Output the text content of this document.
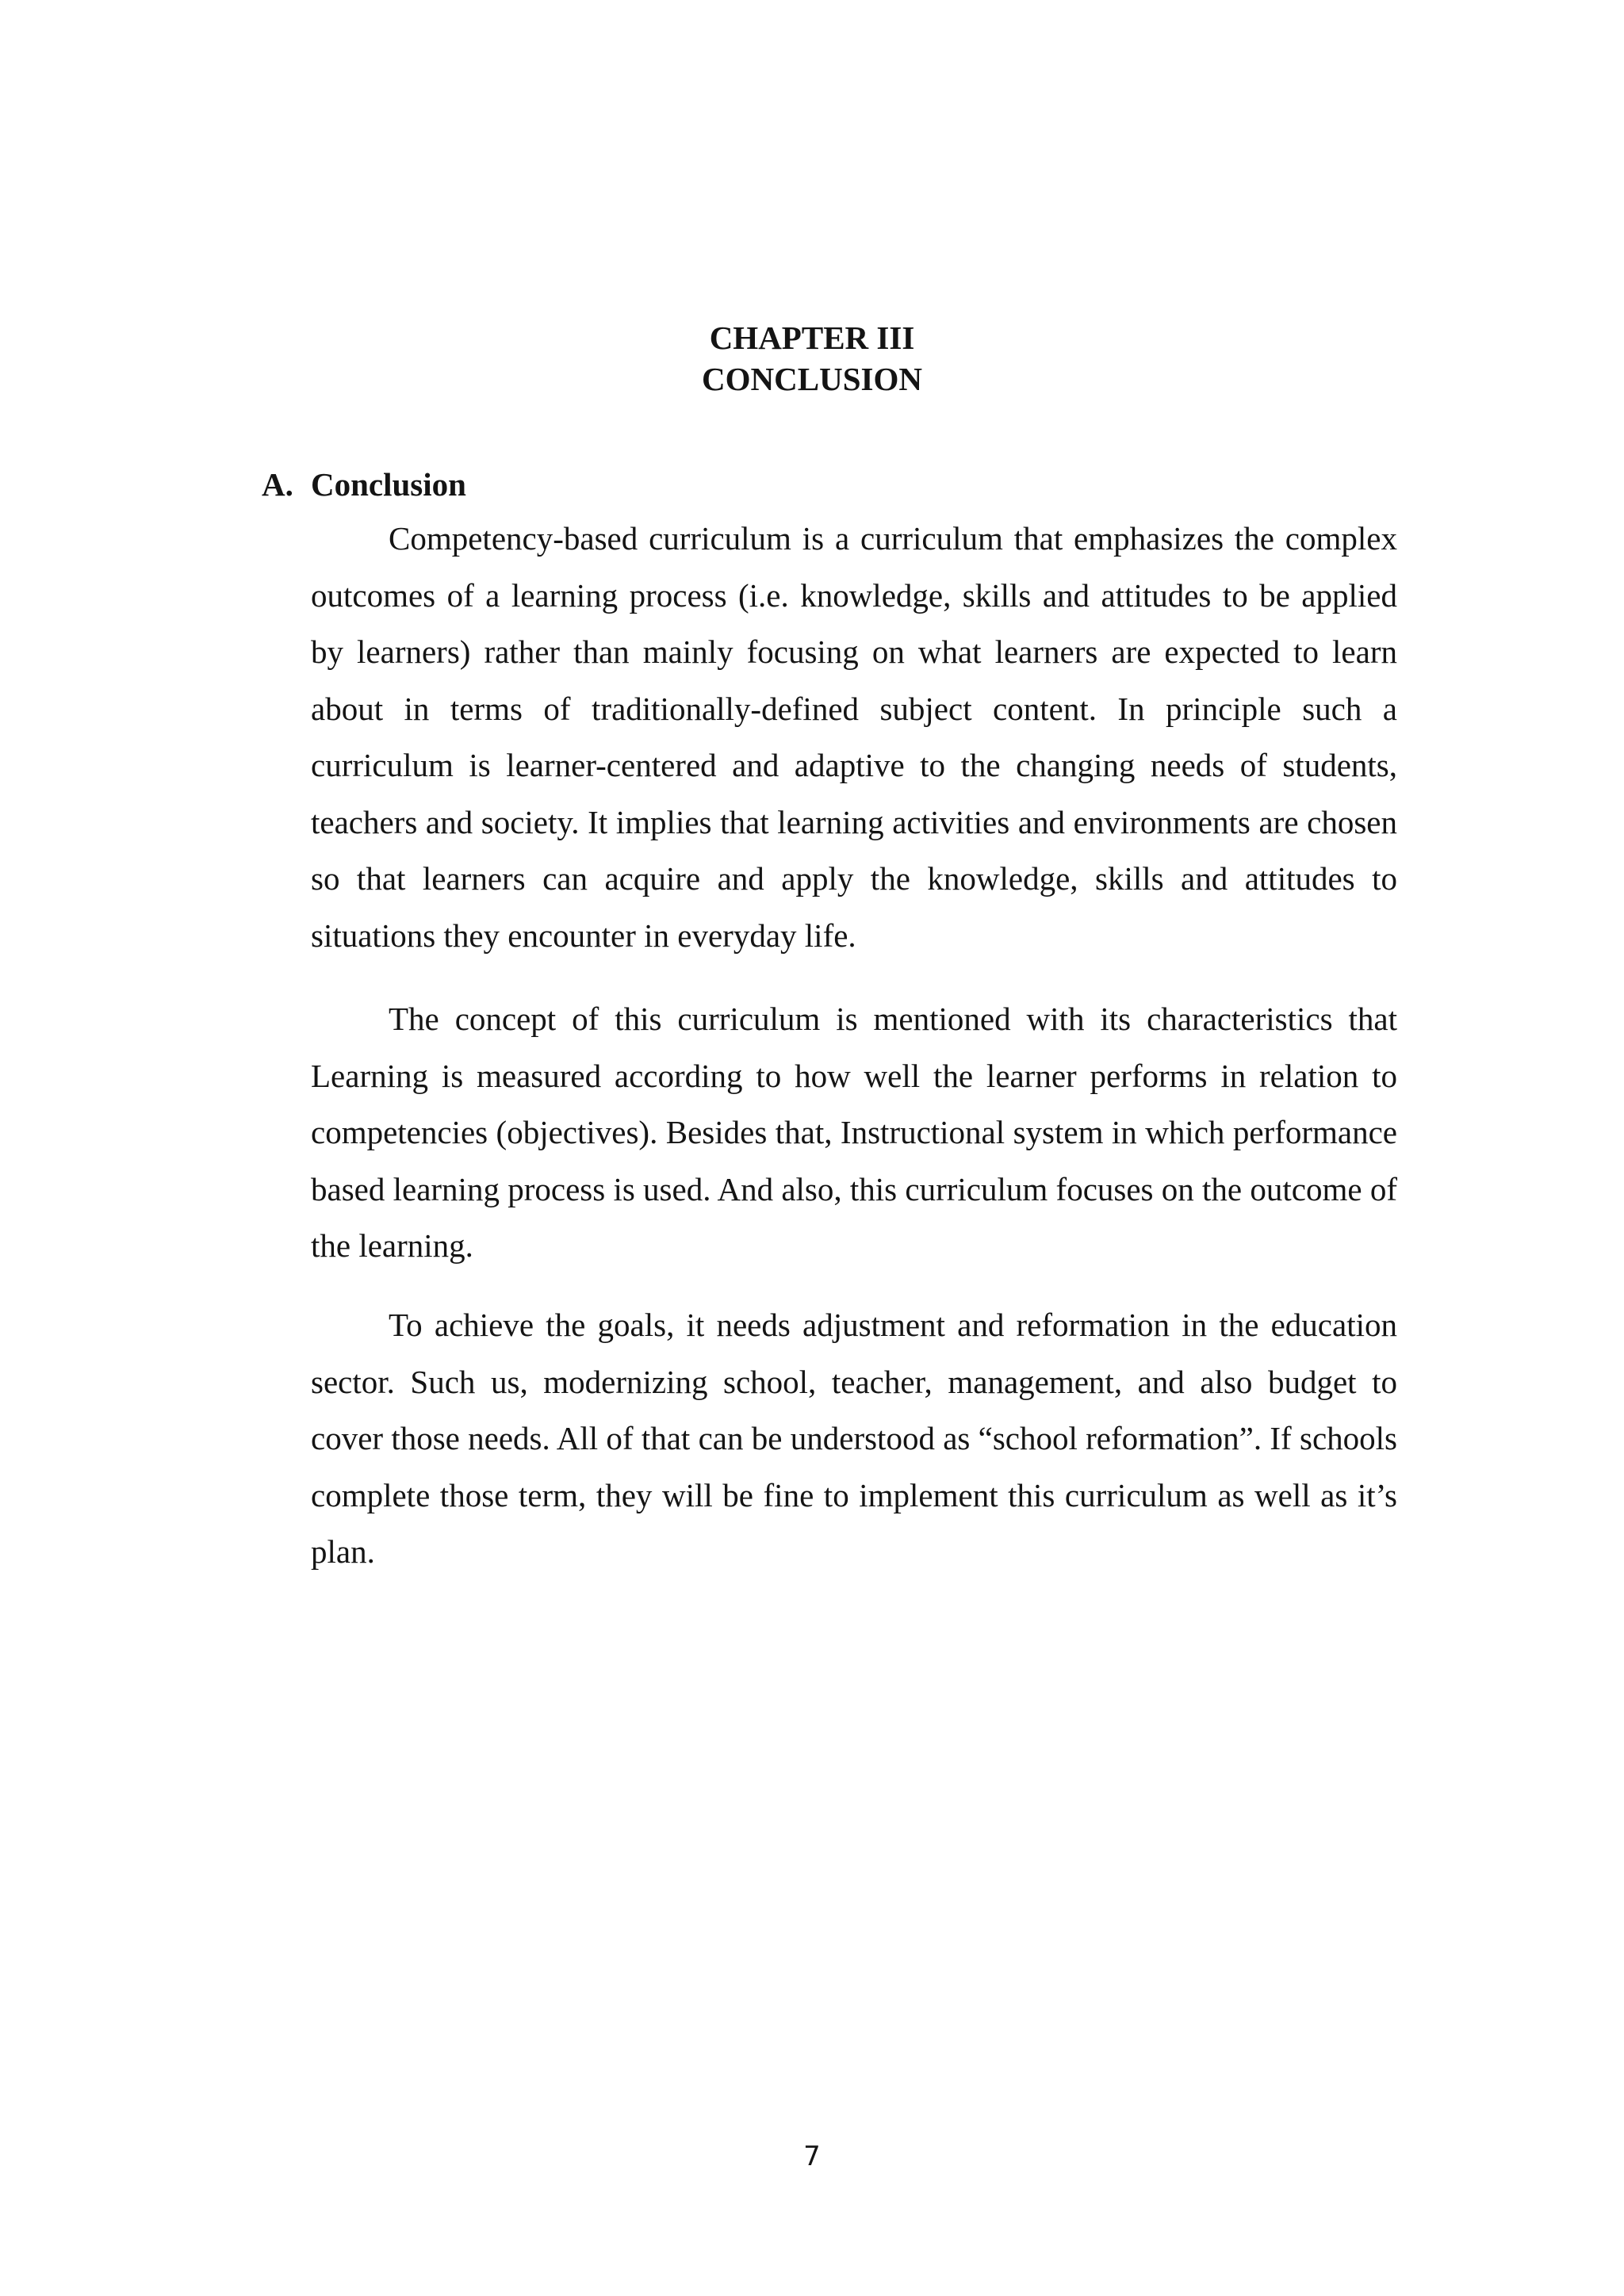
CHAPTER III
CONCLUSION
A. Conclusion

Competency-based curriculum is a curriculum that emphasizes the complex outcomes of a learning process (i.e. knowledge, skills and attitudes to be applied by learners) rather than mainly focusing on what learners are expected to learn about in terms of traditionally-defined subject content. In principle such a curriculum is learner-centered and adaptive to the changing needs of students, teachers and society. It implies that learning activities and environments are chosen so that learners can acquire and apply the knowledge, skills and attitudes to situations they encounter in everyday life.

The concept of this curriculum is mentioned with its characteristics that Learning is measured according to how well the learner performs in relation to competencies (objectives). Besides that, Instructional system in which performance based learning process is used. And also, this curriculum focuses on the outcome of the learning.

To achieve the goals, it needs adjustment and reformation in the education sector. Such us, modernizing school, teacher, management, and also budget to cover those needs. All of that can be understood as “school reformation”. If schools complete those term, they will be fine to implement this curriculum as well as it’s plan.

7
